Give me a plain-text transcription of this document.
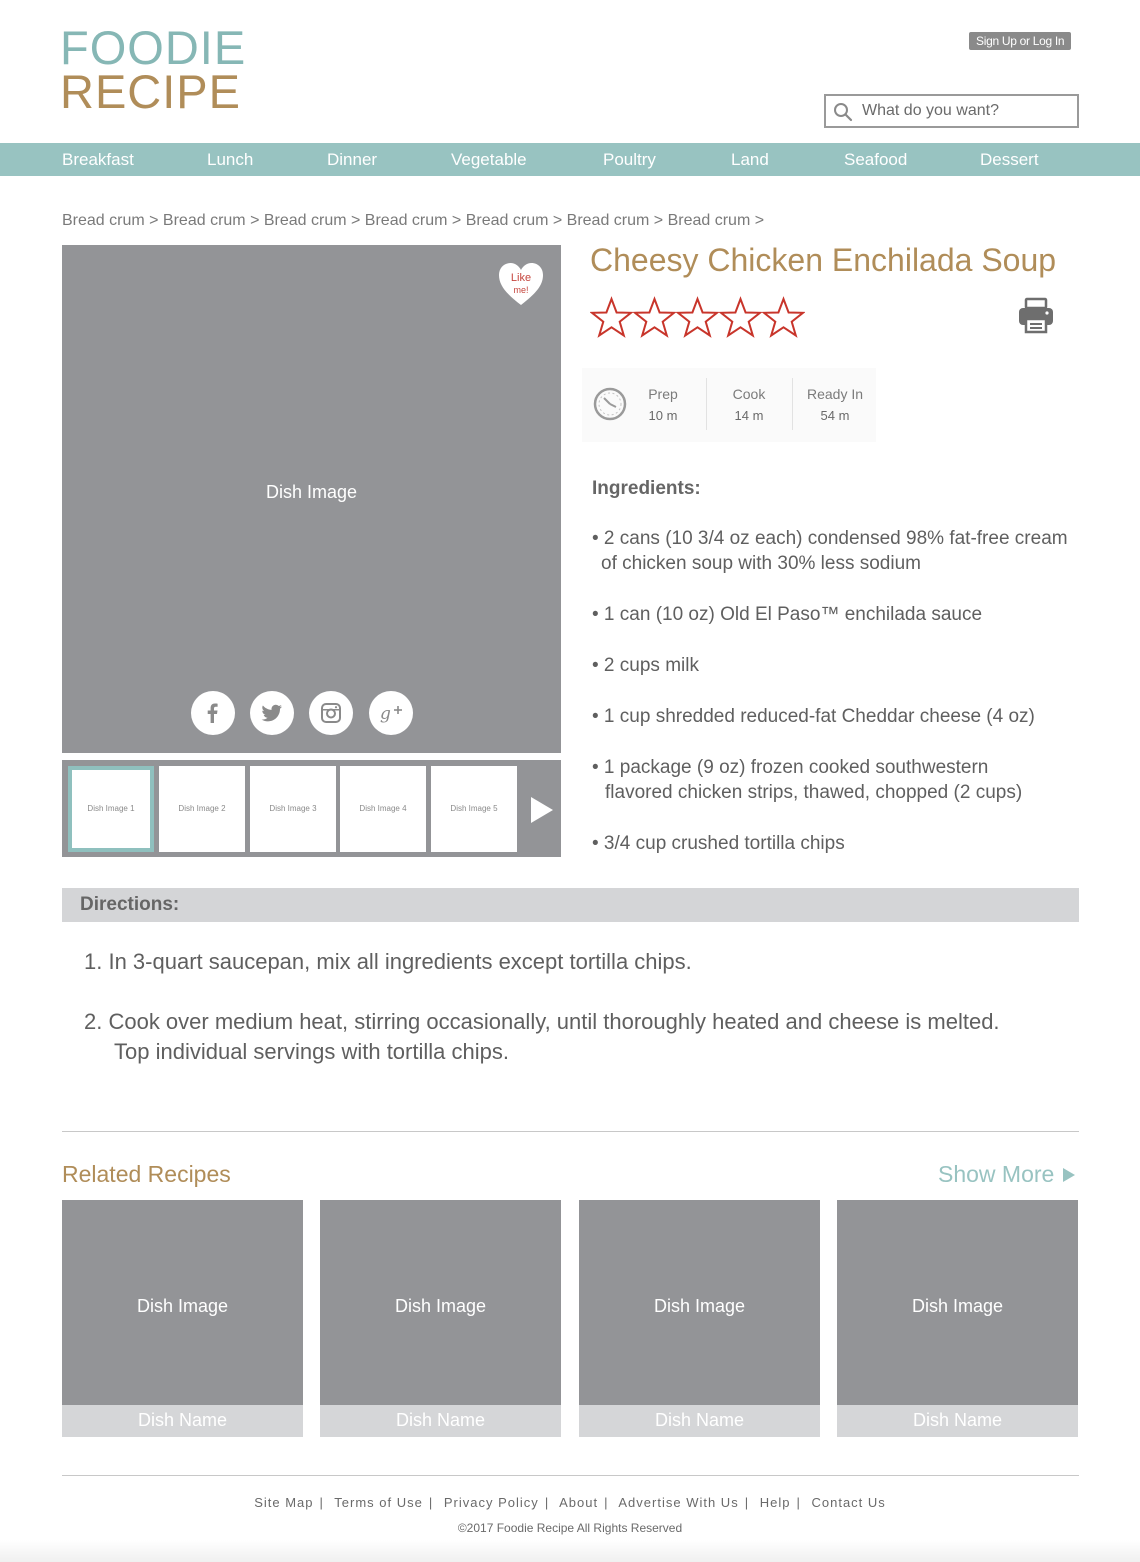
FOODIE
RECIPE
Sign Up or Log In
What do you want?
Breakfast	Lunch	Dinner	Vegetable	Poultry	Land	Seafood	Dessert
Bread crum > Bread crum > Bread crum > Bread crum > Bread crum > Bread crum > Bread crum >
Dish Image
Like
me!
g
Dish Image 1	Dish Image 2	Dish Image 3	Dish Image 4	Dish Image 5
Cheesy Chicken Enchilada Soup
Prep
10 m
Cook
14 m
Ready In
54 m
Ingredients:
• 2 cans (10 3/4 oz each) condensed 98% fat-free cream
of chicken soup with 30% less sodium
• 1 can (10 oz) Old El Paso™ enchilada sauce
• 2 cups milk
• 1 cup shredded reduced-fat Cheddar cheese (4 oz)
• 1 package (9 oz) frozen cooked southwestern
flavored chicken strips, thawed, chopped (2 cups)
• 3/4 cup crushed tortilla chips
Directions:
1. In 3-quart saucepan, mix all ingredients except tortilla chips.
2. Cook over medium heat, stirring occasionally, until thoroughly heated and cheese is melted.
Top individual servings with tortilla chips.
Related Recipes	Show More
Dish Image
Dish Name
Dish Image
Dish Name
Dish Image
Dish Name
Dish Image
Dish Name
Site Map | Terms of Use | Privacy Policy | About | Advertise With Us | Help | Contact Us
©2017 Foodie Recipe All Rights Reserved
